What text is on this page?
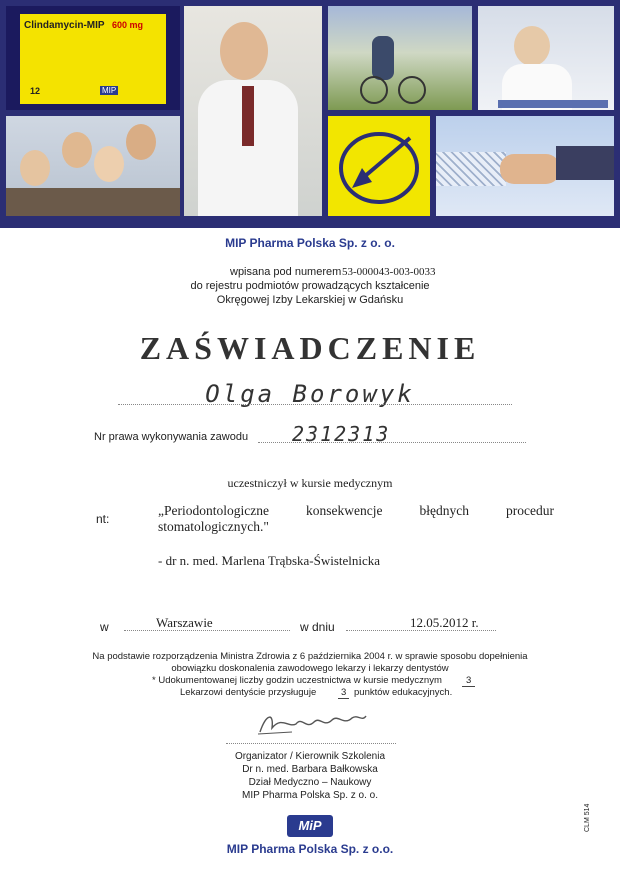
Clindamycin-MIP 600 mg
12	MIP
MIP Pharma Polska Sp. z o. o.
wpisana pod numerem 53-000043-003-0033
do rejestru podmiotów prowadzących kształcenie
Okręgowej Izby Lekarskiej w Gdańsku
ZAŚWIADCZENIE
Olga Borowyk
Nr prawa wykonywania zawodu 2312313
uczestniczył w kursie medycznym
nt:
„Periodontologiczne konsekwencje błędnych procedur
stomatologicznych."
- dr n. med. Marlena Trąbska-Świstelnicka
w	Warszawie	w dniu	12.05.2012 r.
Na podstawie rozporządzenia Ministra Zdrowia z 6 października 2004 r. w sprawie sposobu dopełnienia
obowiązku doskonalenia zawodowego lekarzy i lekarzy dentystów
* Udokumentowanej liczby godzin uczestnictwa w kursie medycznym	3
Lekarzowi dentyście przysługuje	3 punktów edukacyjnych.
Organizator / Kierownik Szkolenia
Dr n. med. Barbara Bałkowska
Dział Medyczno – Naukowy
MIP Pharma Polska Sp. z o. o.
MiP
MIP Pharma Polska Sp. z o.o.
CLM 514
